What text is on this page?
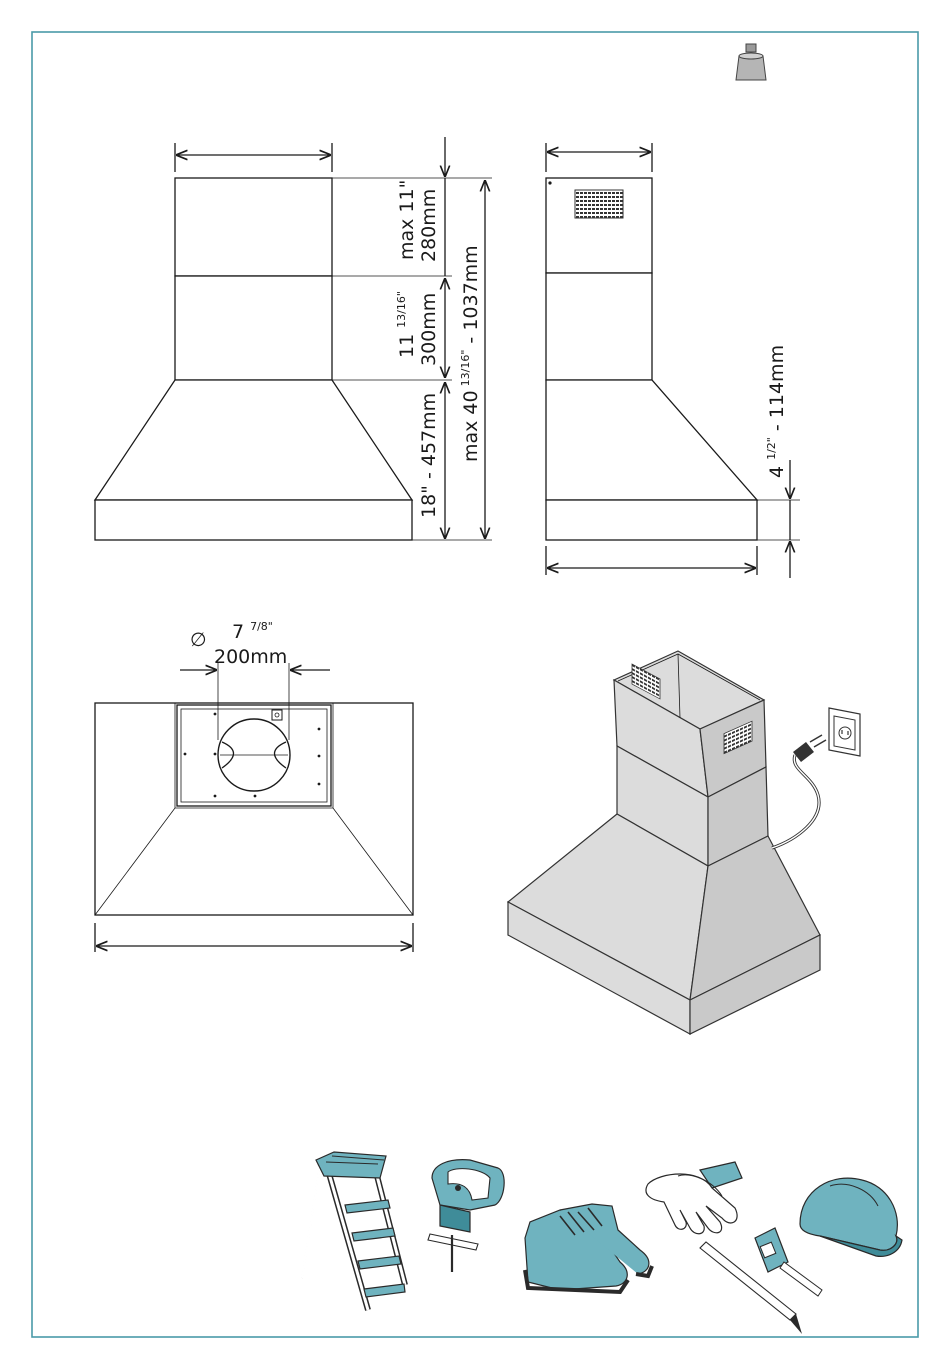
max 11" 280mm
$11^{13/16"}$ 300mm
18" - 457mm $\max 40^{13/16"} - 1037mm$
$4^{1/2"} - 114mm$
∅ 7 $^{7/8"}$
200mm
